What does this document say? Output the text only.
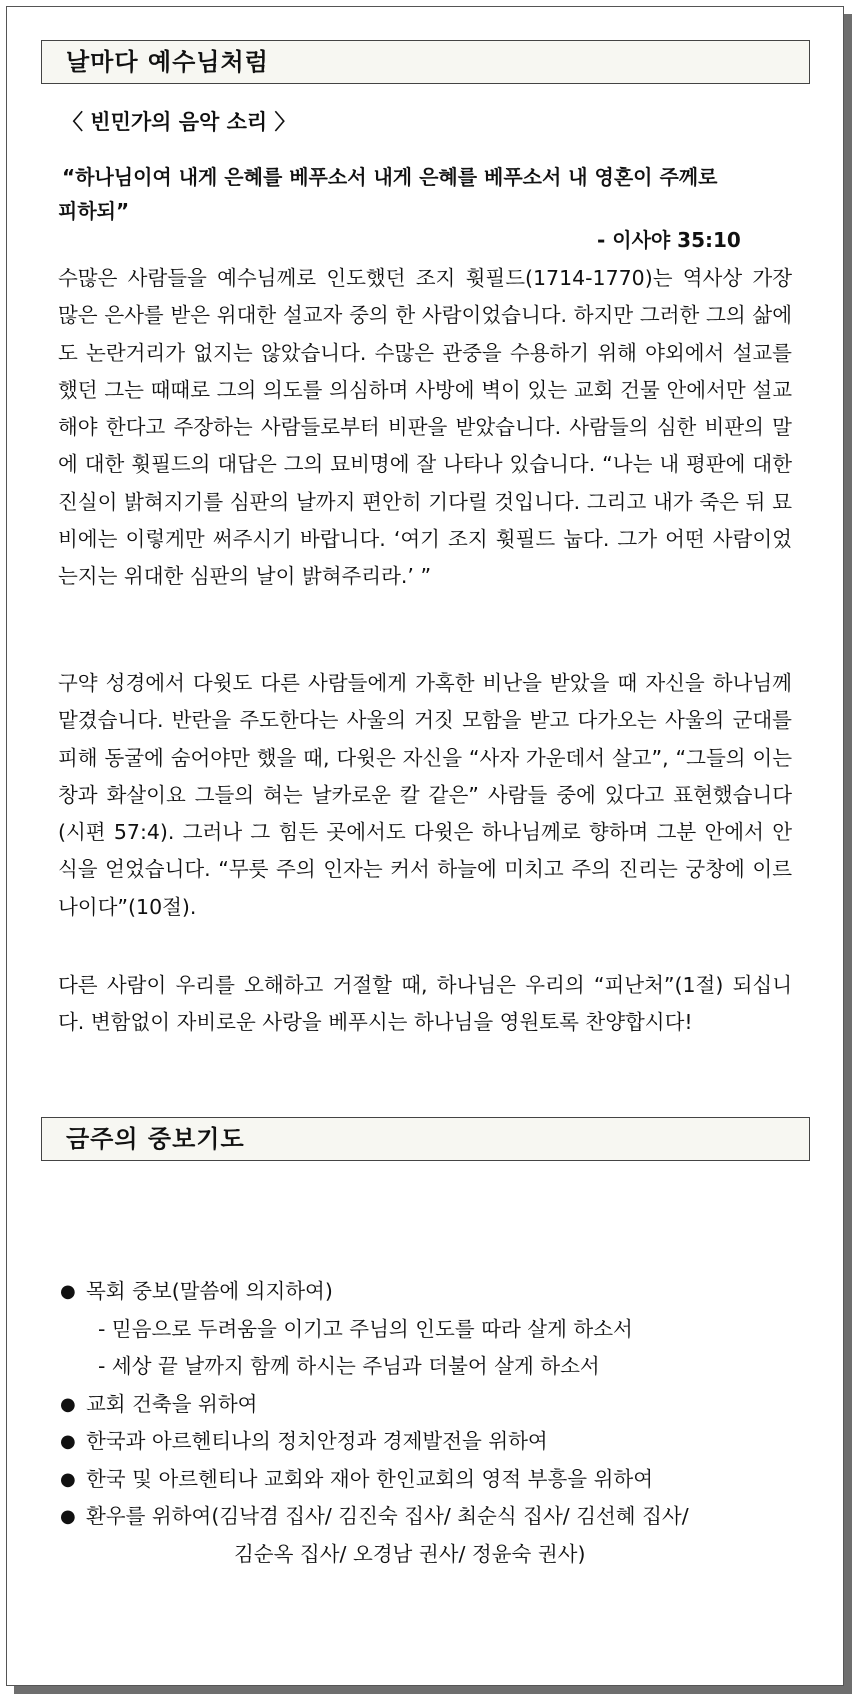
날마다 예수님처럼
〈 빈민가의 음악 소리 〉
“하나님이여 내게 은혜를 베푸소서 내게 은혜를 베푸소서 내 영혼이 주께로

피하되”
- 이사야 35:10

수많은 사람들을 예수님께로 인도했던 조지 휫필드(1714-1770)는 역사상 가장 많은 은사를 받은 위대한 설교자 중의 한 사람이었습니다. 하지만 그러한 그의 삶에도 논란거리가 없지는 않았습니다. 수많은 관중을 수용하기 위해 야외에서 설교를 했던 그는 때때로 그의 의도를 의심하며 사방에 벽이 있는 교회 건물 안에서만 설교해야 한다고 주장하는 사람들로부터 비판을 받았습니다. 사람들의 심한 비판의 말에 대한 휫필드의 대답은 그의 묘비명에 잘 나타나 있습니다. “나는 내 평판에 대한 진실이 밝혀지기를 심판의 날까지 편안히 기다릴 것입니다. 그리고 내가 죽은 뒤 묘비에는 이렇게만 써주시기 바랍니다. ‘여기 조지 휫필드 눕다. 그가 어떤 사람이었는지는 위대한 심판의 날이 밝혀주리라.’ ”

구약 성경에서 다윗도 다른 사람들에게 가혹한 비난을 받았을 때 자신을 하나님께 맡겼습니다. 반란을 주도한다는 사울의 거짓 모함을 받고 다가오는 사울의 군대를 피해 동굴에 숨어야만 했을 때, 다윗은 자신을 “사자 가운데서 살고”, “그들의 이는 창과 화살이요 그들의 혀는 날카로운 칼 같은” 사람들 중에 있다고 표현했습니다(시편 57:4). 그러나 그 힘든 곳에서도 다윗은 하나님께로 향하며 그분 안에서 안식을 얻었습니다. “무릇 주의 인자는 커서 하늘에 미치고 주의 진리는 궁창에 이르나이다”(10절).

다른 사람이 우리를 오해하고 거절할 때, 하나님은 우리의 “피난처”(1절) 되십니다. 변함없이 자비로운 사랑을 베푸시는 하나님을 영원토록 찬양합시다!

금주의 중보기도
● 목회 중보(말씀에 의지하여)
- 믿음으로 두려움을 이기고 주님의 인도를 따라 살게 하소서
- 세상 끝 날까지 함께 하시는 주님과 더불어 살게 하소서
● 교회 건축을 위하여
● 한국과 아르헨티나의 정치안정과 경제발전을 위하여
● 한국 및 아르헨티나 교회와 재아 한인교회의 영적 부흥을 위하여
● 환우를 위하여(김낙겸 집사/ 김진숙 집사/ 최순식 집사/ 김선혜 집사/
김순옥 집사/ 오경남 권사/ 정윤숙 권사)
